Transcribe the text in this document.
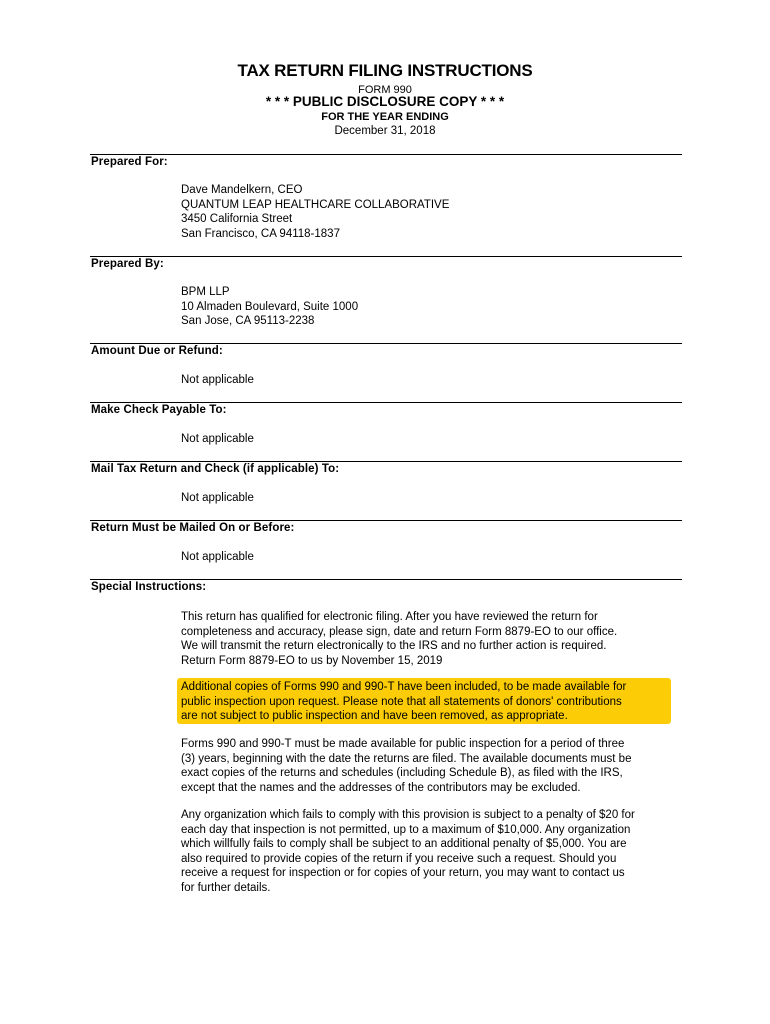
TAX RETURN FILING INSTRUCTIONS
FORM 990
* * * PUBLIC DISCLOSURE COPY * * *
FOR THE YEAR ENDING
December 31, 2018
Prepared For:
Dave Mandelkern, CEO
QUANTUM LEAP HEALTHCARE COLLABORATIVE
3450 California Street
San Francisco, CA 94118-1837
Prepared By:
BPM LLP
10 Almaden Boulevard, Suite 1000
San Jose, CA 95113-2238
Amount Due or Refund:
Not applicable
Make Check Payable To:
Not applicable
Mail Tax Return and Check (if applicable) To:
Not applicable
Return Must be Mailed On or Before:
Not applicable
Special Instructions:
This return has qualified for electronic filing. After you have reviewed the return for
completeness and accuracy, please sign, date and return Form 8879-EO to our office.
We will transmit the return electronically to the IRS and no further action is required.
Return Form 8879-EO to us by November 15, 2019
Additional copies of Forms 990 and 990-T have been included, to be made available for
public inspection upon request. Please note that all statements of donors' contributions
are not subject to public inspection and have been removed, as appropriate.
Forms 990 and 990-T must be made available for public inspection for a period of three
(3) years, beginning with the date the returns are filed. The available documents must be
exact copies of the returns and schedules (including Schedule B), as filed with the IRS,
except that the names and the addresses of the contributors may be excluded.
Any organization which fails to comply with this provision is subject to a penalty of $20 for
each day that inspection is not permitted, up to a maximum of $10,000. Any organization
which willfully fails to comply shall be subject to an additional penalty of $5,000. You are
also required to provide copies of the return if you receive such a request. Should you
receive a request for inspection or for copies of your return, you may want to contact us
for further details.
